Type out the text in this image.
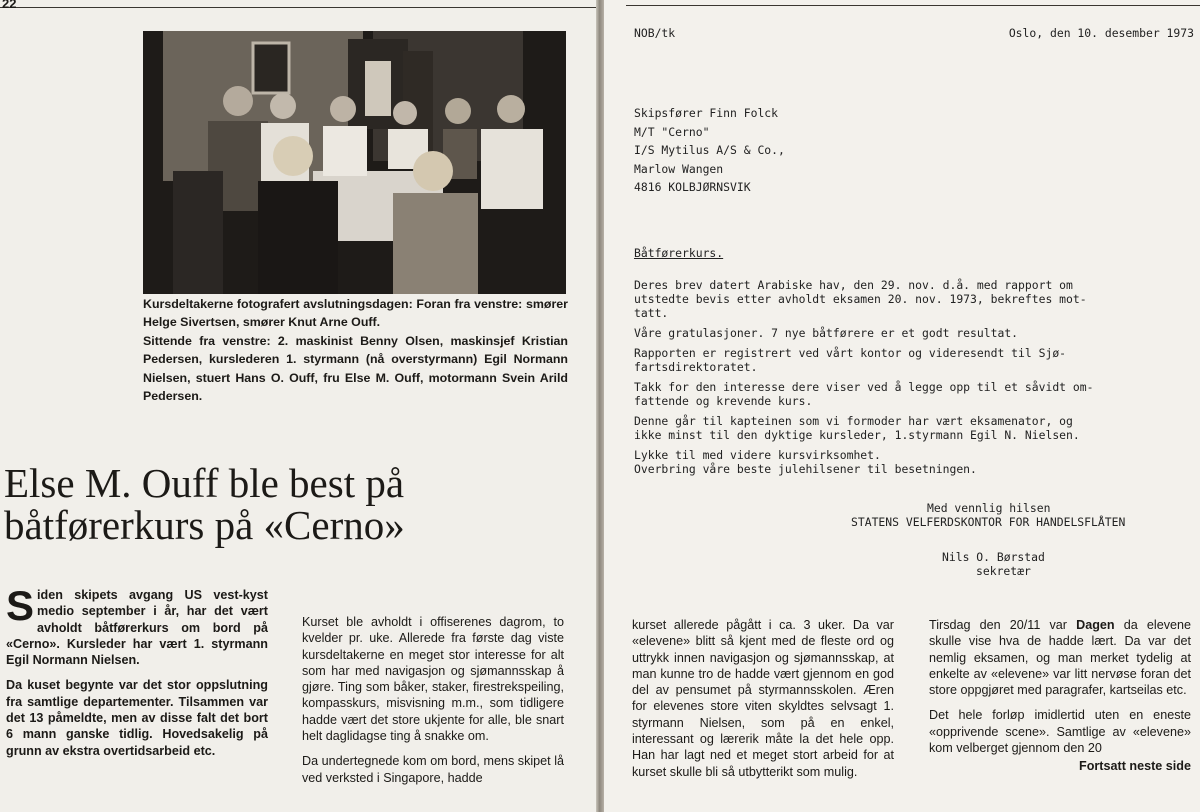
22

Kursdeltakerne fotografert avslutningsdagen: Foran fra venstre: smører Helge Sivertsen, smører Knut Arne Ouff.

Sittende fra venstre: 2. maskinist Benny Olsen, maskinsjef Kristian Pedersen, kurslederen 1. styrmann (nå overstyrmann) Egil Normann Nielsen, stuert Hans O. Ouff, fru Else M. Ouff, motormann Svein Arild Pedersen.

Else M. Ouff ble best på båtførerkurs på «Cerno»

Siden skipets avgang US vest-kyst medio september i år, har det vært avholdt båtførerkurs om bord på «Cerno». Kursleder har vært 1. styrmann Egil Normann Nielsen.

Da kuset begynte var det stor oppslutning fra samtlige departementer. Tilsammen var det 13 påmeldte, men av disse falt det bort 6 mann ganske tidlig. Hovedsakelig på grunn av ekstra overtidsarbeid etc.

Kurset ble avholdt i offiserenes dagrom, to kvelder pr. uke. Allerede fra første dag viste kursdeltakerne en meget stor interesse for alt som har med navigasjon og sjømannsskap å gjøre. Ting som båker, staker, firestrekspeiling, kompasskurs, misvisning m.m., som tidligere hadde vært det store ukjente for alle, ble snart helt daglidagse ting å snakke om.

Da undertegnede kom om bord, mens skipet lå ved verksted i Singapore, hadde

NOB/tk	Oslo, den 10. desember 1973
Skipsfører Finn Folck
M/T "Cerno"
I/S Mytilus A/S & Co.,
Marlow Wangen
4816 KOLBJØRNSVIK
Båtførerkurs.
Deres brev datert Arabiske hav, den 29. nov. d.å. med rapport om
utstedte bevis etter avholdt eksamen 20. nov. 1973, bekreftes mot-
tatt.
Våre gratulasjoner. 7 nye båtførere er et godt resultat.
Rapporten er registrert ved vårt kontor og videresendt til Sjø-
fartsdirektoratet.
Takk for den interesse dere viser ved å legge opp til et såvidt om-
fattende og krevende kurs.
Denne går til kapteinen som vi formoder har vært eksamenator, og
ikke minst til den dyktige kursleder, 1.styrmann Egil N. Nielsen.
Lykke til med videre kursvirksomhet.
Overbring våre beste julehilsener til besetningen.
Med vennlig hilsen
STATENS VELFERDSKONTOR FOR HANDELSFLÅTEN
Nils O. Børstad
sekretær

kurset allerede pågått i ca. 3 uker. Da var «elevene» blitt så kjent med de fleste ord og uttrykk innen navigasjon og sjømannsskap, at man kunne tro de hadde vært gjennom en god del av pensumet på styrmannsskolen. Æren for elevenes store viten skyldtes selvsagt 1. styrmann Nielsen, som på en enkel, interessant og lærerik måte la det hele opp. Han har lagt ned et meget stort arbeid for at kurset skulle bli så utbytterikt som mulig.

Tirsdag den 20/11 var Dagen da elevene skulle vise hva de hadde lært. Da var det nemlig eksamen, og man merket tydelig at enkelte av «elevene» var litt nervøse foran det store oppgjøret med paragrafer, kartseilas etc.

Det hele forløp imidlertid uten en eneste «opprivende scene». Samtlige av «elevene» kom velberget gjennom den 20

Fortsatt neste side
